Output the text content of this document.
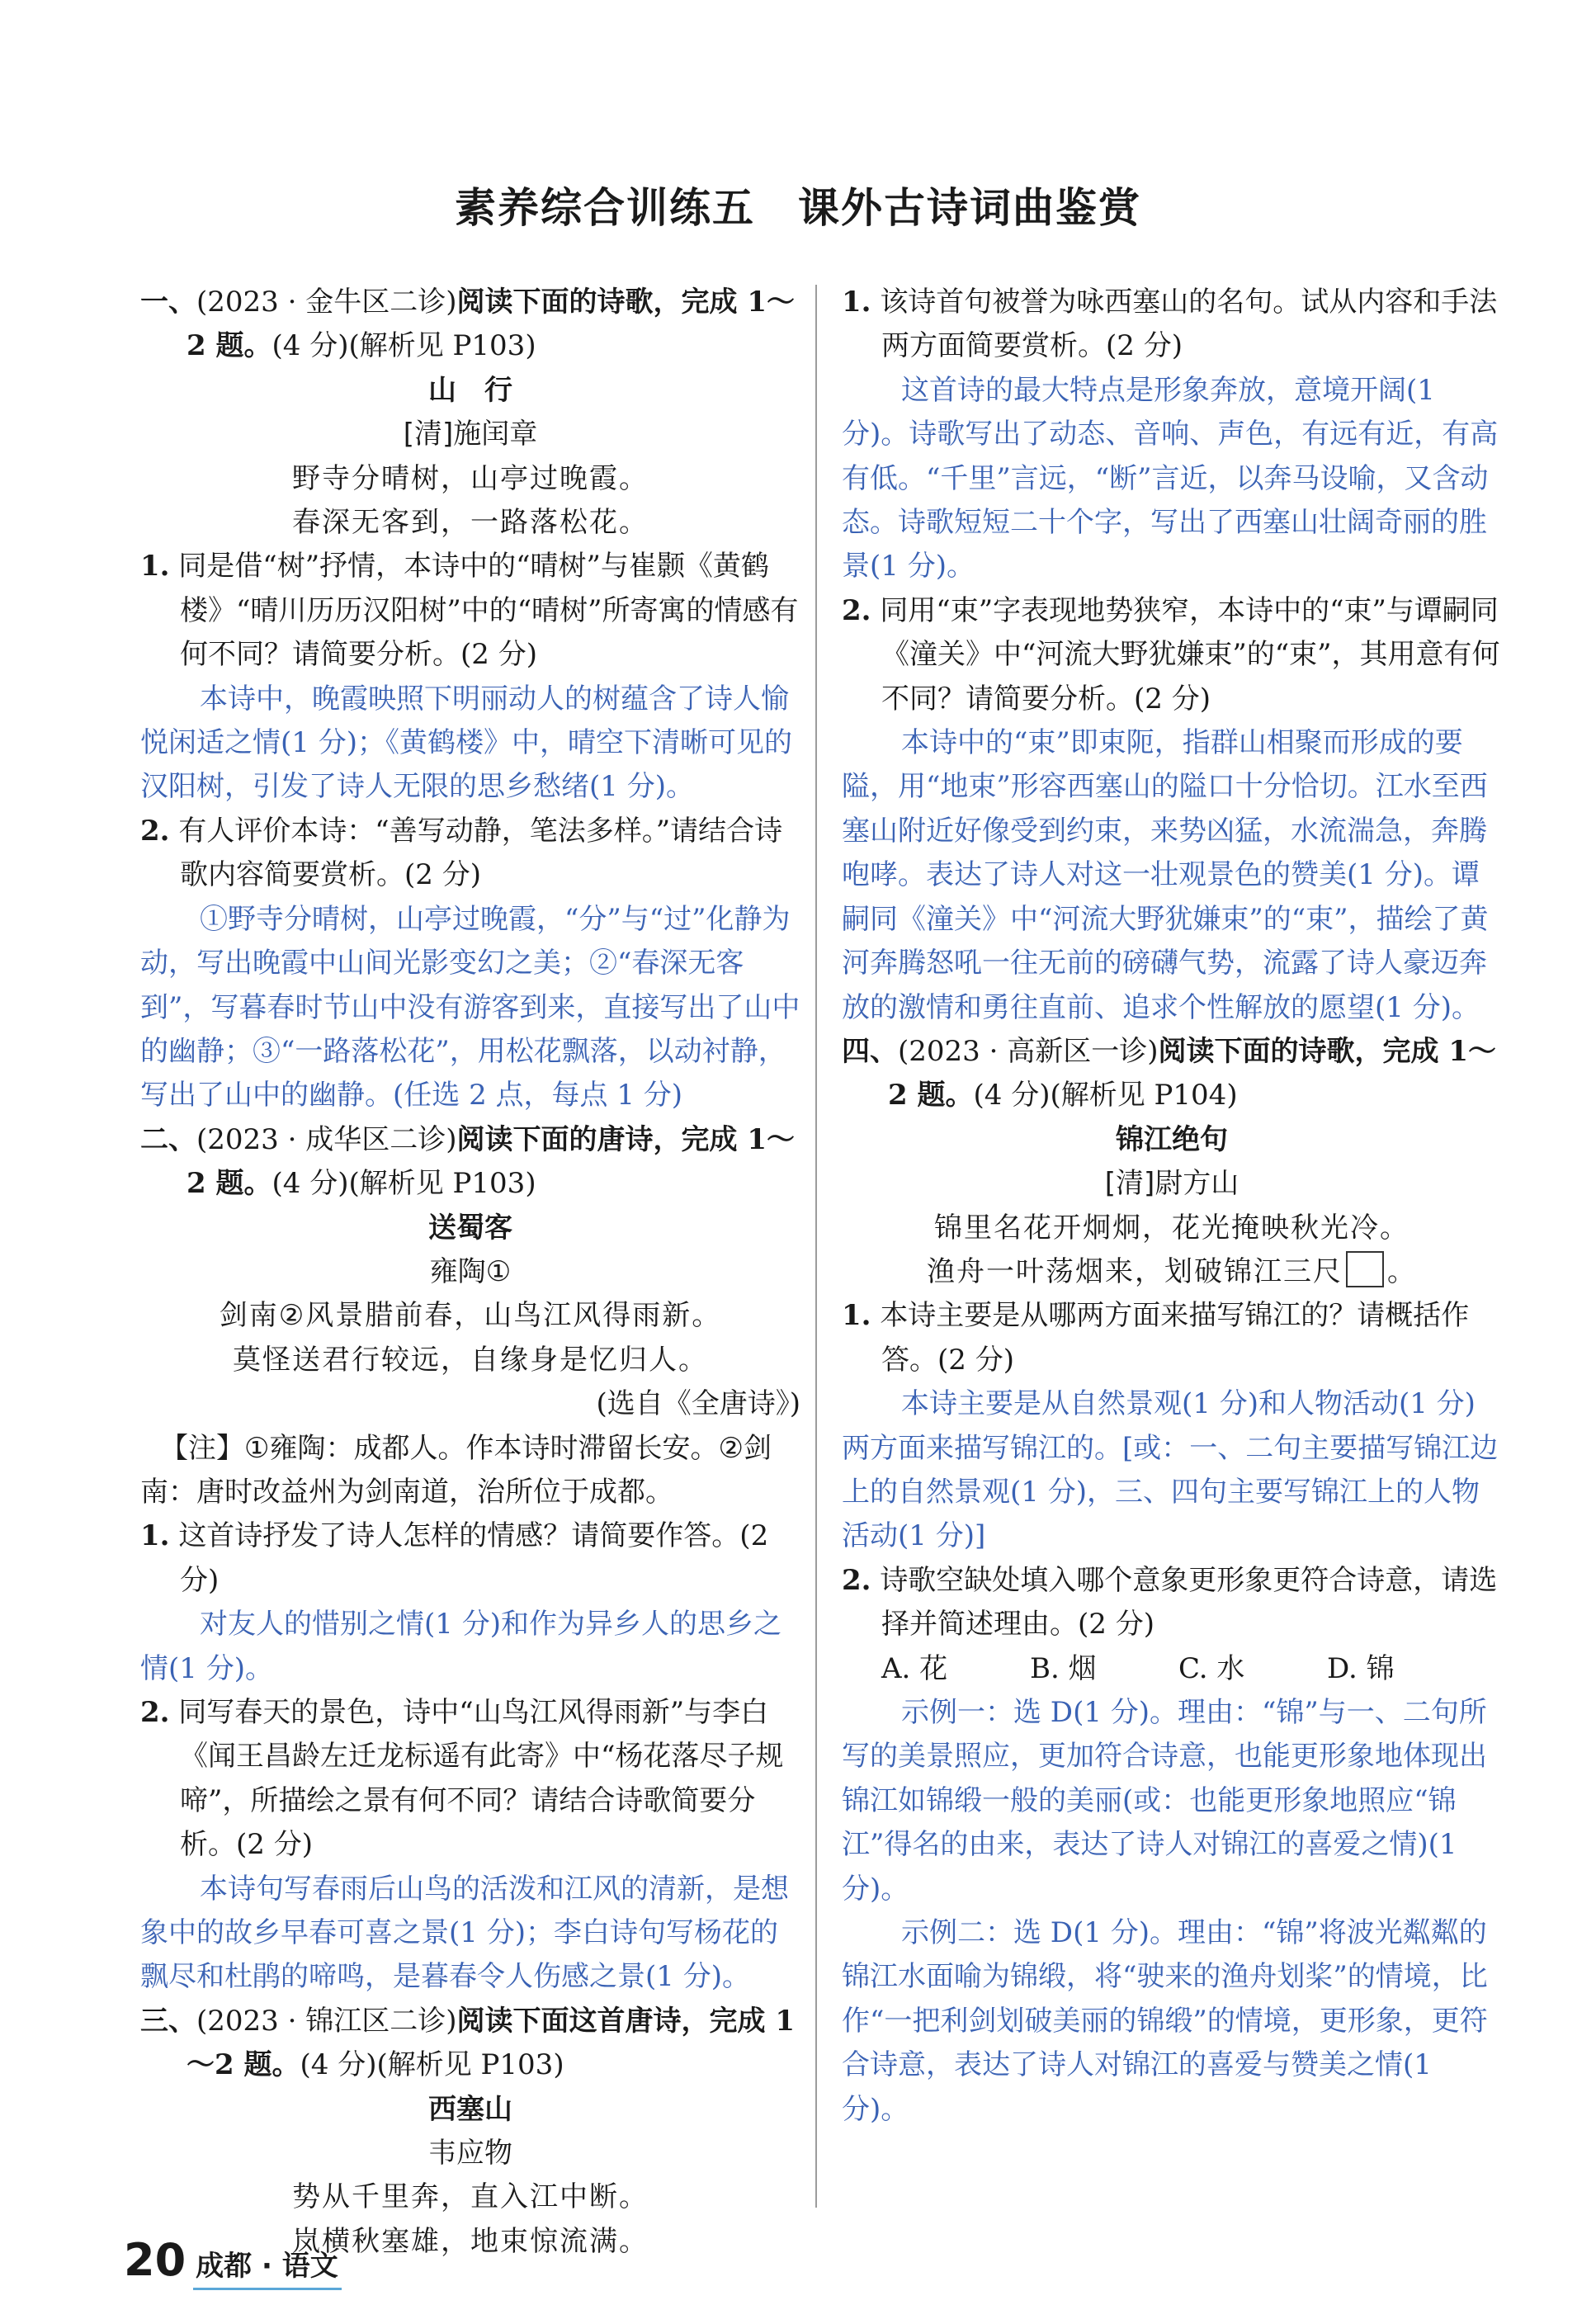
素养综合训练五　课外古诗词曲鉴赏

一、(2023 · 金牛区二诊)阅读下面的诗歌，完成 1～2 题。(4 分)(解析见 P103)

山　行

[清]施闰章

野寺分晴树，山亭过晚霞。

春深无客到，一路落松花。

1. 同是借“树”抒情，本诗中的“晴树”与崔颢《黄鹤楼》“晴川历历汉阳树”中的“晴树”所寄寓的情感有何不同？请简要分析。(2 分)

本诗中，晚霞映照下明丽动人的树蕴含了诗人愉悦闲适之情(1 分)；《黄鹤楼》中，晴空下清晰可见的汉阳树，引发了诗人无限的思乡愁绪(1 分)。

2. 有人评价本诗：“善写动静，笔法多样。”请结合诗歌内容简要赏析。(2 分)

①野寺分晴树，山亭过晚霞，“分”与“过”化静为动，写出晚霞中山间光影变幻之美；②“春深无客到”，写暮春时节山中没有游客到来，直接写出了山中的幽静；③“一路落松花”，用松花飘落，以动衬静，写出了山中的幽静。(任选 2 点，每点 1 分)

二、(2023 · 成华区二诊)阅读下面的唐诗，完成 1～2 题。(4 分)(解析见 P103)

送蜀客

雍陶①

剑南②风景腊前春，山鸟江风得雨新。

莫怪送君行较远，自缘身是忆归人。

(选自《全唐诗》)

【注】①雍陶：成都人。作本诗时滞留长安。②剑南：唐时改益州为剑南道，治所位于成都。

1. 这首诗抒发了诗人怎样的情感？请简要作答。(2 分)

对友人的惜别之情(1 分)和作为异乡人的思乡之情(1 分)。

2. 同写春天的景色，诗中“山鸟江风得雨新”与李白《闻王昌龄左迁龙标遥有此寄》中“杨花落尽子规啼”，所描绘之景有何不同？请结合诗歌简要分析。(2 分)

本诗句写春雨后山鸟的活泼和江风的清新，是想象中的故乡早春可喜之景(1 分)；李白诗句写杨花的飘尽和杜鹃的啼鸣，是暮春令人伤感之景(1 分)。

三、(2023 · 锦江区二诊)阅读下面这首唐诗，完成 1～2 题。(4 分)(解析见 P103)

西塞山

韦应物

势从千里奔，直入江中断。

岚横秋塞雄，地束惊流满。

1. 该诗首句被誉为咏西塞山的名句。试从内容和手法两方面简要赏析。(2 分)

这首诗的最大特点是形象奔放，意境开阔(1 分)。诗歌写出了动态、音响、声色，有远有近，有高有低。“千里”言远，“断”言近，以奔马设喻，又含动态。诗歌短短二十个字，写出了西塞山壮阔奇丽的胜景(1 分)。

2. 同用“束”字表现地势狭窄，本诗中的“束”与谭嗣同《潼关》中“河流大野犹嫌束”的“束”，其用意有何不同？请简要分析。(2 分)

本诗中的“束”即束阨，指群山相聚而形成的要隘，用“地束”形容西塞山的隘口十分恰切。江水至西塞山附近好像受到约束，来势凶猛，水流湍急，奔腾咆哮。表达了诗人对这一壮观景色的赞美(1 分)。谭嗣同《潼关》中“河流大野犹嫌束”的“束”，描绘了黄河奔腾怒吼一往无前的磅礴气势，流露了诗人豪迈奔放的激情和勇往直前、追求个性解放的愿望(1 分)。

四、(2023 · 高新区一诊)阅读下面的诗歌，完成 1～2 题。(4 分)(解析见 P104)

锦江绝句

[清]尉方山

锦里名花开炯炯，花光掩映秋光冷。

渔舟一叶荡烟来，划破锦江三尺 。

1. 本诗主要是从哪两方面来描写锦江的？请概括作答。(2 分)

本诗主要是从自然景观(1 分)和人物活动(1 分)两方面来描写锦江的。[或：一、二句主要描写锦江边上的自然景观(1 分)，三、四句主要写锦江上的人物活动(1 分)]

2. 诗歌空缺处填入哪个意象更形象更符合诗意，请选择并简述理由。(2 分)

A. 花	B. 烟	C. 水	D. 锦

示例一：选 D(1 分)。理由：“锦”与一、二句所写的美景照应，更加符合诗意，也能更形象地体现出锦江如锦缎一般的美丽(或：也能更形象地照应“锦江”得名的由来，表达了诗人对锦江的喜爱之情)(1 分)。

示例二：选 D(1 分)。理由：“锦”将波光粼粼的锦江水面喻为锦缎，将“驶来的渔舟划桨”的情境，比作“一把利剑划破美丽的锦缎”的情境，更形象，更符合诗意，表达了诗人对锦江的喜爱与赞美之情(1 分)。

20 成都 · 语文
